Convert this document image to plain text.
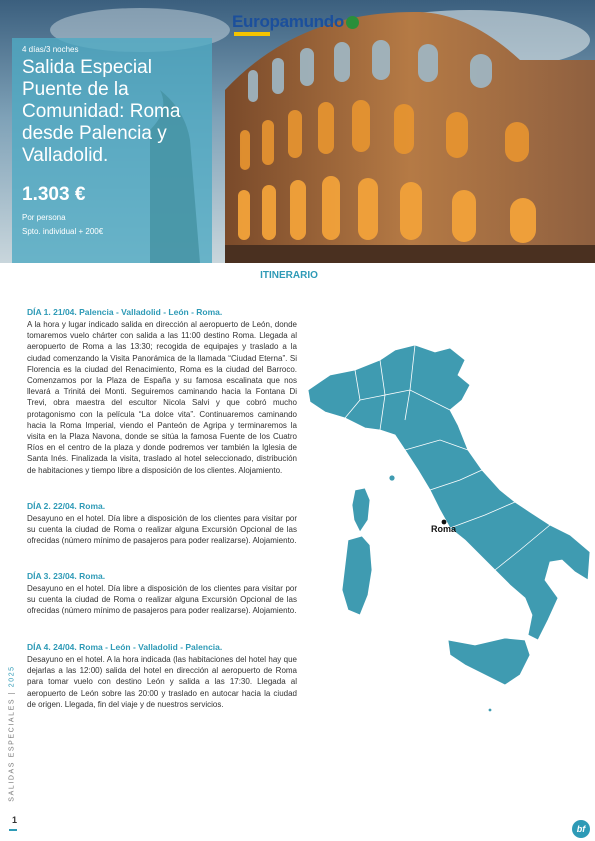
Europamundo
4 días/3 noches
Salida Especial Puente de la Comunidad: Roma desde Palencia y Valladolid.
1.303 €
Por persona
Spto. individual + 200€
ITINERARIO
DÍA 1. 21/04. Palencia - Valladolid - León - Roma.

A la hora y lugar indicado salida en dirección al aeropuerto de León, donde tomaremos vuelo chárter con salida a las 11:00 destino Roma. Llegada al aeropuerto de Roma a las 13:30; recogida de equipajes y traslado a la ciudad comenzando la Visita Panorámica de la llamada “Ciudad Eterna”. Si Florencia es la ciudad del Renacimiento, Roma es la ciudad del Barroco. Comenzamos por la Plaza de España y su famosa escalinata que nos llevará a Trinitá dei Monti. Seguiremos caminando hacia la Fontana Di Trevi, obra maestra del escultor Nicola Salvi y que cobró mucho protagonismo con la película “La dolce vita”. Continuaremos caminando hacia la Roma Imperial, viendo el Panteón de Agripa y terminaremos la visita en la Plaza Navona, donde se sitúa la famosa Fuente de los Cuatro Ríos en el centro de la plaza y donde podremos ver también la Iglesia de Santa Inés. Finalizada la visita, traslado al hotel seleccionado, distribución de habitaciones y tiempo libre a disposición de los clientes. Alojamiento.

DÍA 2. 22/04. Roma.

Desayuno en el hotel. Día libre a disposición de los clientes para visitar por su cuenta la ciudad de Roma o realizar alguna Excursión Opcional de las ofrecidas (número mínimo de pasajeros para poder realizarse). Alojamiento.

DÍA 3. 23/04. Roma.

Desayuno en el hotel. Día libre a disposición de los clientes para visitar por su cuenta la ciudad de Roma o realizar alguna Excursión Opcional de las ofrecidas (número mínimo de pasajeros para poder realizarse). Alojamiento.

DÍA 4. 24/04. Roma - León - Valladolid - Palencia.

Desayuno en el hotel. A la hora indicada (las habitaciones del hotel hay que dejarlas a las 12:00) salida del hotel en dirección al aeropuerto de Roma para tomar vuelo con destino León y salida a las 17:30. Llegada al aeropuerto de León sobre las 20:00 y traslado en autocar hacia la ciudad de origen. Llegada, fin del viaje y de nuestros servicios.

Roma
SALIDAS ESPECIALES | 2025
1
bf
